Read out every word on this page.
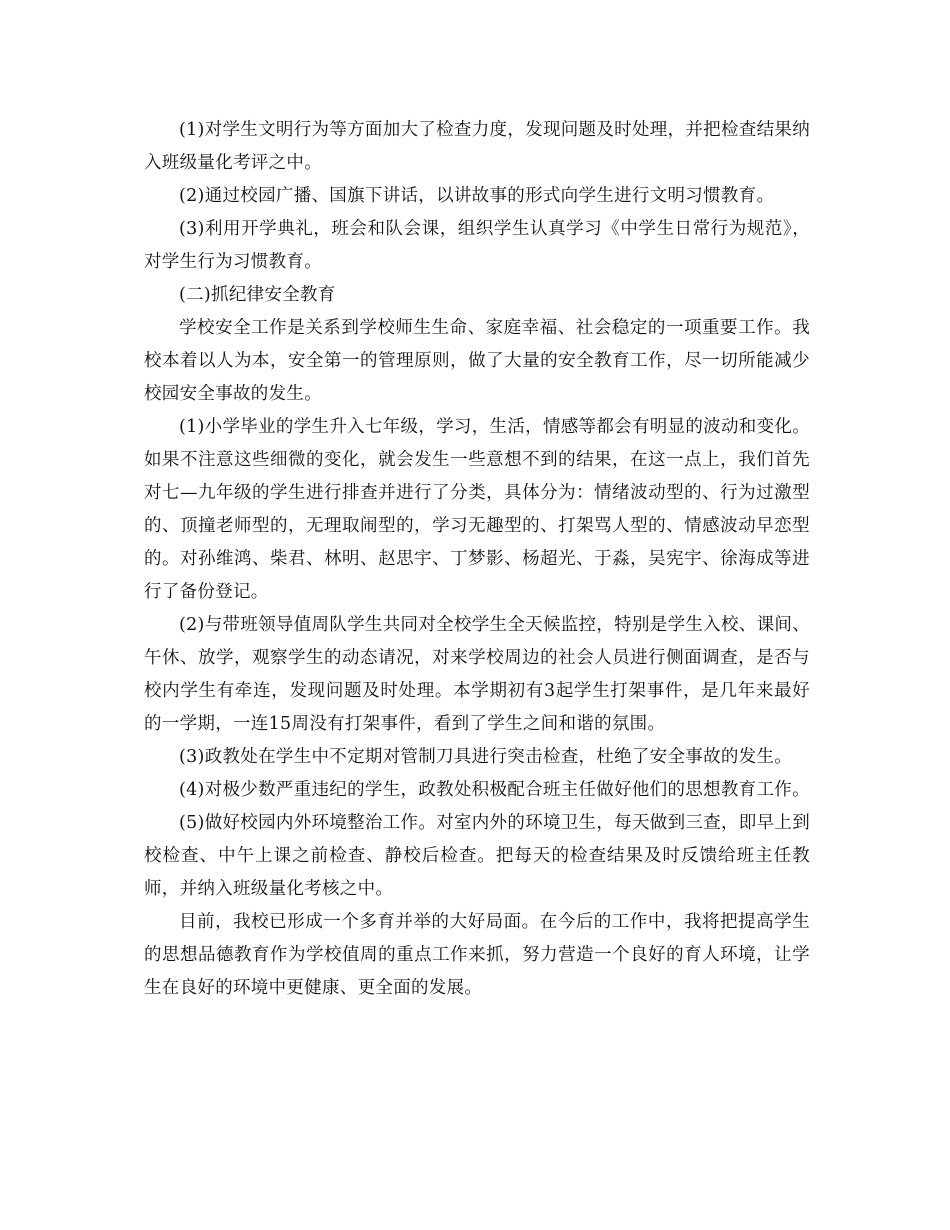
(1)对学生文明行为等方面加大了检查力度，发现问题及时处理，并把检查结果纳入班级量化考评之中。

(2)通过校园广播、国旗下讲话，以讲故事的形式向学生进行文明习惯教育。

(3)利用开学典礼，班会和队会课，组织学生认真学习《中学生日常行为规范》，对学生行为习惯教育。

(二)抓纪律安全教育

学校安全工作是关系到学校师生生命、家庭幸福、社会稳定的一项重要工作。我校本着以人为本，安全第一的管理原则，做了大量的安全教育工作，尽一切所能减少校园安全事故的发生。

(1)小学毕业的学生升入七年级，学习，生活，情感等都会有明显的波动和变化。如果不注意这些细微的变化，就会发生一些意想不到的结果，在这一点上，我们首先对七—九年级的学生进行排查并进行了分类，具体分为：情绪波动型的、行为过激型的、顶撞老师型的，无理取闹型的，学习无趣型的、打架骂人型的、情感波动早恋型的。对孙维鸿、柴君、林明、赵思宇、丁梦影、杨超光、于淼，吴宪宇、徐海成等进行了备份登记。

(2)与带班领导值周队学生共同对全校学生全天候监控，特别是学生入校、课间、午休、放学，观察学生的动态请况，对来学校周边的社会人员进行侧面调查，是否与校内学生有牵连，发现问题及时处理。本学期初有3起学生打架事件，是几年来最好的一学期，一连15周没有打架事件，看到了学生之间和谐的氛围。

(3)政教处在学生中不定期对管制刀具进行突击检查，杜绝了安全事故的发生。

(4)对极少数严重违纪的学生，政教处积极配合班主任做好他们的思想教育工作。

(5)做好校园内外环境整治工作。对室内外的环境卫生，每天做到三查，即早上到校检查、中午上课之前检查、静校后检查。把每天的检查结果及时反馈给班主任教师，并纳入班级量化考核之中。

目前，我校已形成一个多育并举的大好局面。在今后的工作中，我将把提高学生的思想品德教育作为学校值周的重点工作来抓，努力营造一个良好的育人环境，让学生在良好的环境中更健康、更全面的发展。
